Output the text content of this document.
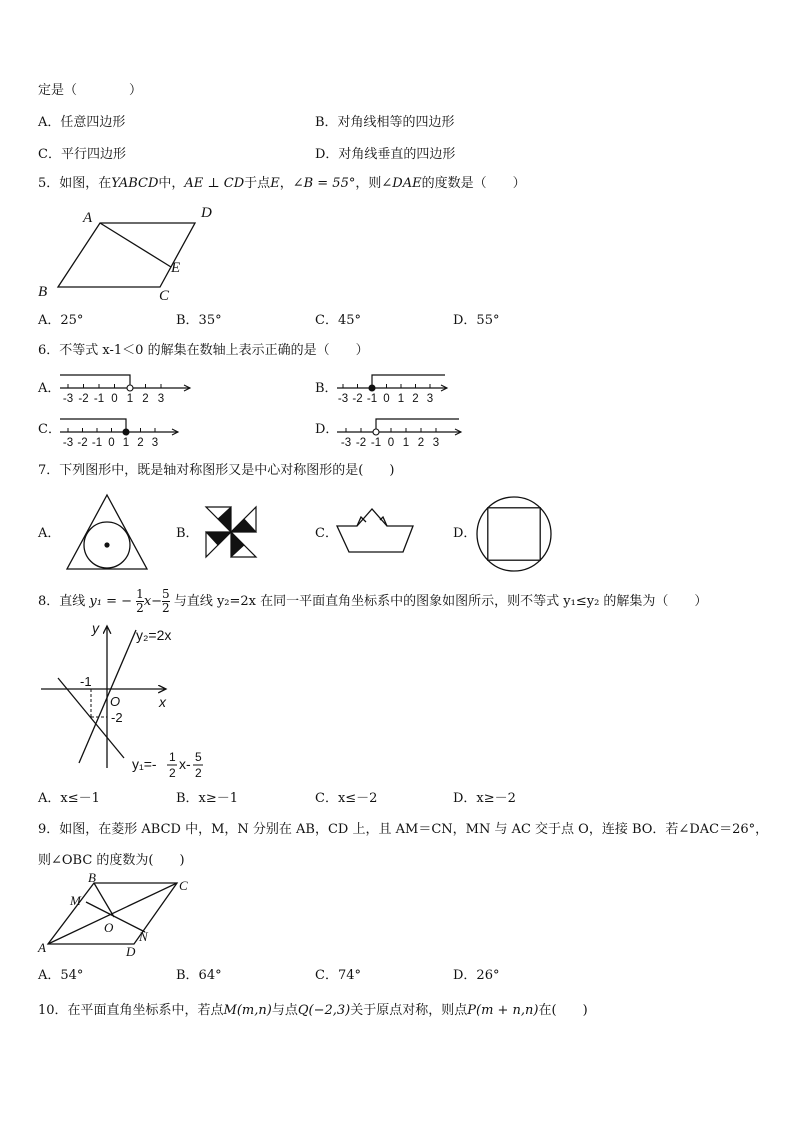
定是（　　　　）
A．任意四边形	B．对角线相等的四边形
C．平行四边形	D．对角线垂直的四边形
5．如图，在YABCD中，AE ⊥ CD于点E，∠B = 55°，则∠DAE的度数是（　　）
A	D
E
B	C
A．25°	B．35°	C．45°	D．55°
6．不等式 x-1＜0 的解集在数轴上表示正确的是（　　）
A．
-3 -2 -1 0 1 2 3
B．
-3 -2 -1 0 1 2 3
C．
-3 -2 -1 0 1 2 3
D．
-3 -2 -1 0 1 2 3
7．下列图形中，既是轴对称图形又是中心对称图形的是(　　)
A．	B．	C．	D．
8．直线 y₁ = − $\frac{1}{2} x- \frac{5}{2}$ 与直线 y₂=2x 在同一平面直角坐标系中的图象如图所示，则不等式 y₁≤y₂ 的解集为（　　）
y
x
O
-1
-2
y₂=2x
y₁=- 1
2
x- 5
2
A．x≤－1	B．x≥－1	C．x≤－2	D．x≥－2
9．如图，在菱形 ABCD 中，M，N 分别在 AB，CD 上，且 AM＝CN，MN 与 AC 交于点 O，连接 BO．若∠DAC＝26°，
则∠OBC 的度数为(　　)
B
C
M
O
N
A	D
A．54°	B．64°	C．74°	D．26°
10．在平面直角坐标系中，若点M(m,n)与点Q(−2,3)关于原点对称，则点P(m + n,n)在(　　)
